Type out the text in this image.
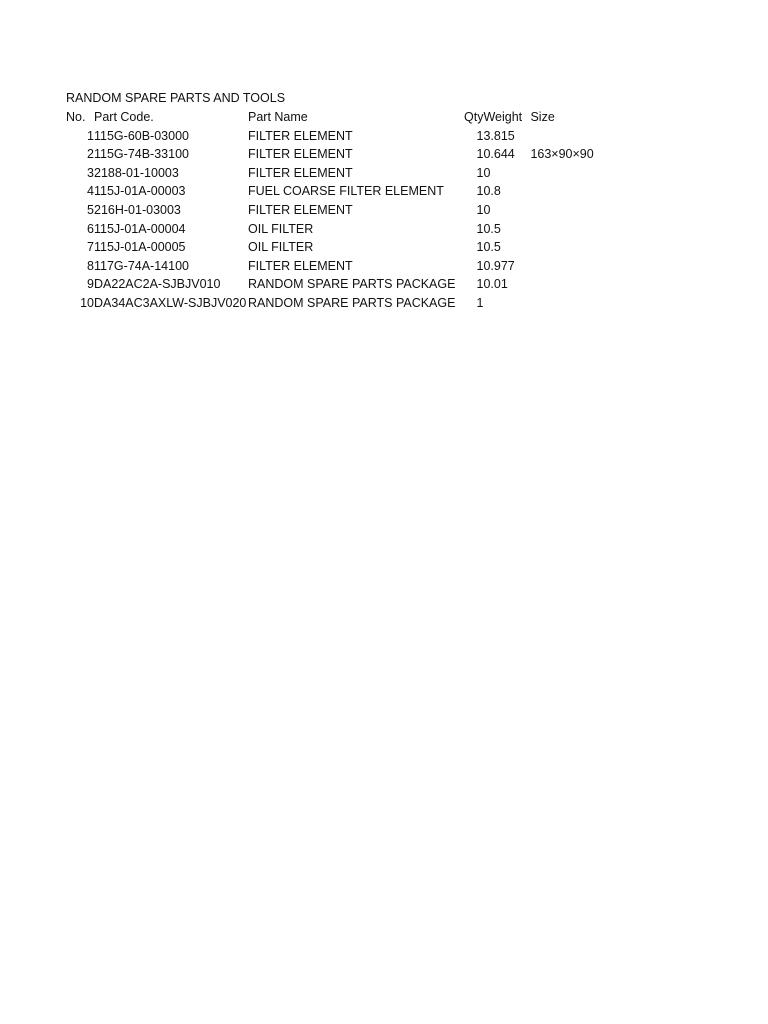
RANDOM SPARE PARTS AND TOOLS
No.	Part Code.	Part Name	Qty	Weight	Size
1	115G-60B-03000	FILTER ELEMENT	1	3.815	
2	115G-74B-33100	FILTER ELEMENT	1	0.644	163×90×90
3	2188-01-10003	FILTER ELEMENT	1	0	
4	115J-01A-00003	FUEL COARSE FILTER ELEMENT	1	0.8	
5	216H-01-03003	FILTER ELEMENT	1	0	
6	115J-01A-00004	OIL FILTER	1	0.5	
7	115J-01A-00005	OIL FILTER	1	0.5	
8	117G-74A-14100	FILTER ELEMENT	1	0.977	
9	DA22AC2A-SJBJV010	RANDOM SPARE PARTS PACKAGE	1	0.01	
10	DA34AC3AXLW-SJBJV020	RANDOM SPARE PARTS PACKAGE	1		
